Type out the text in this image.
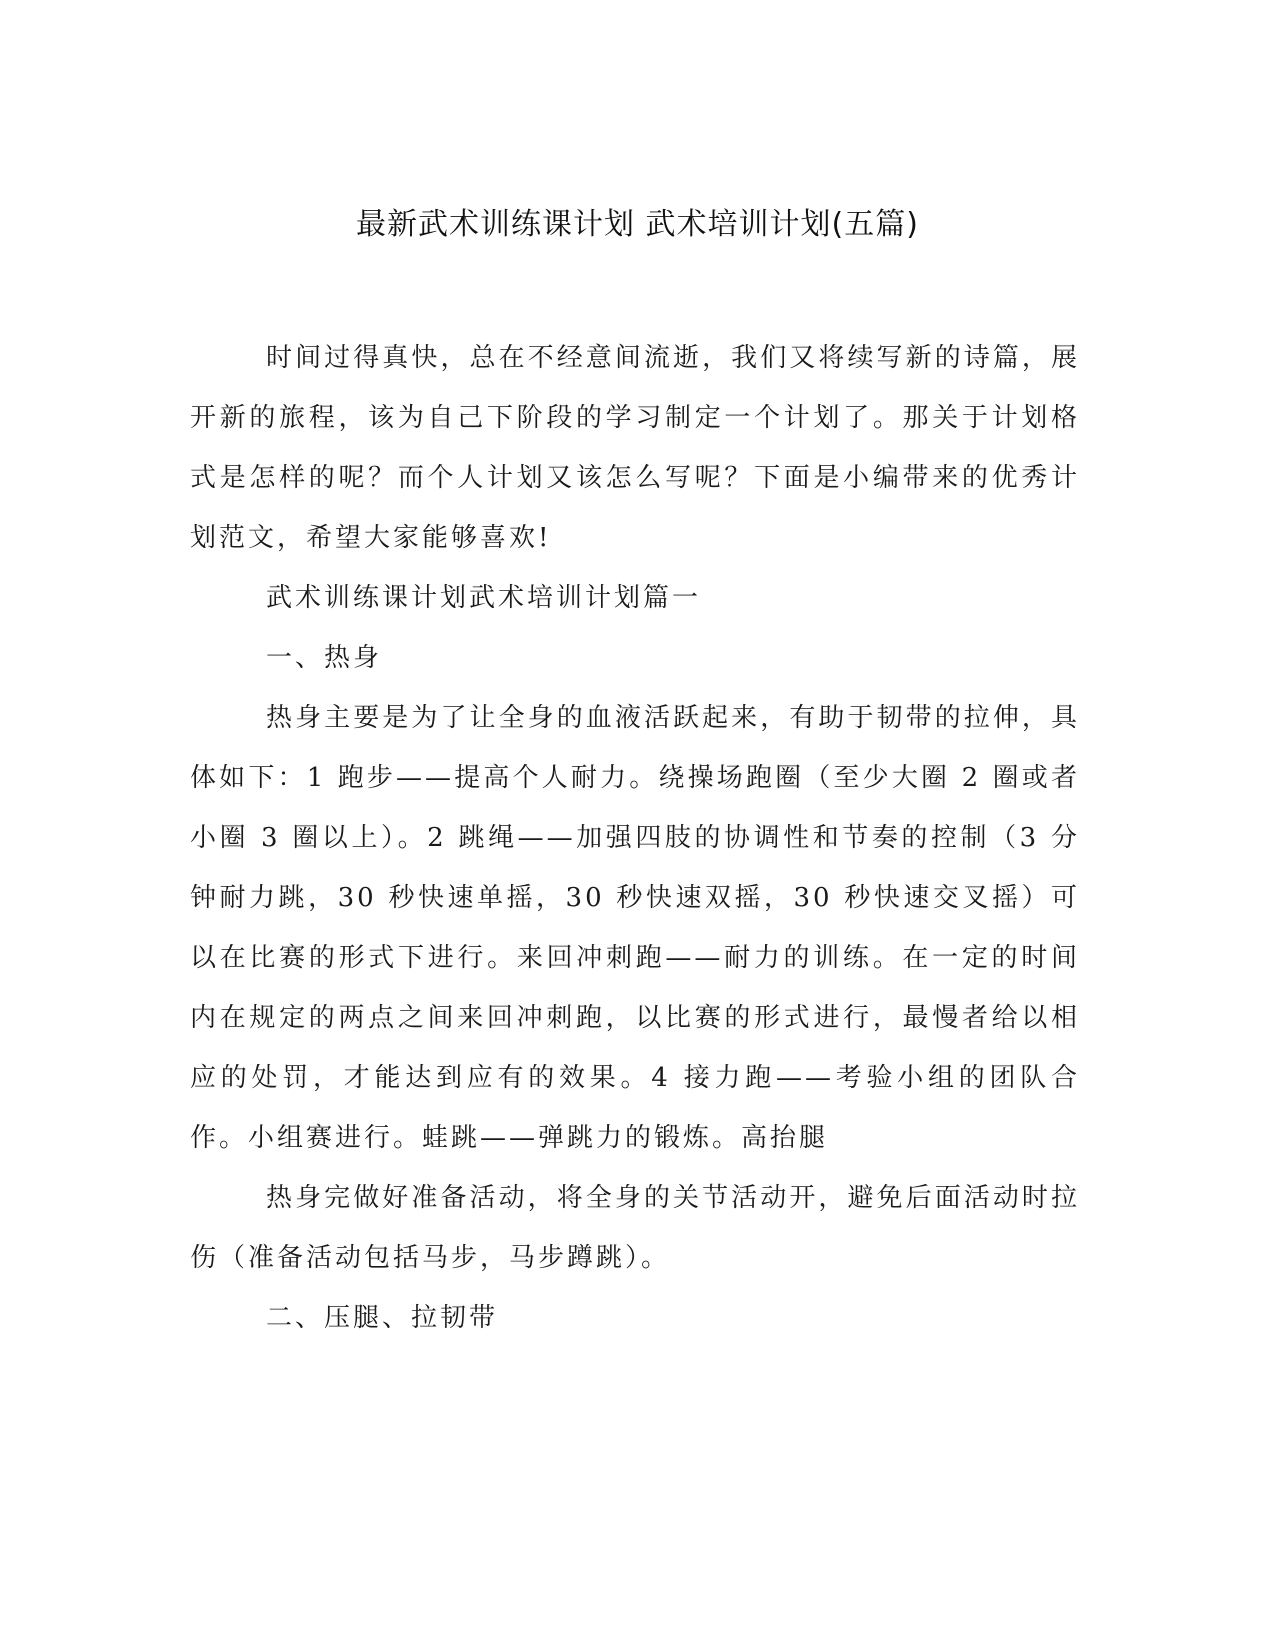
最新武术训练课计划 武术培训计划(五篇)

时间过得真快，总在不经意间流逝，我们又将续写新的诗篇，展开新的旅程，该为自己下阶段的学习制定一个计划了。那关于计划格式是怎样的呢？而个人计划又该怎么写呢？下面是小编带来的优秀计划范文，希望大家能够喜欢!

武术训练课计划武术培训计划篇一

一、热身

热身主要是为了让全身的血液活跃起来，有助于韧带的拉伸，具体如下：1 跑步——提高个人耐力。绕操场跑圈（至少大圈 2 圈或者小圈 3 圈以上）。2 跳绳——加强四肢的协调性和节奏的控制（3 分钟耐力跳，30 秒快速单摇，30 秒快速双摇，30 秒快速交叉摇）可以在比赛的形式下进行。来回冲刺跑——耐力的训练。在一定的时间内在规定的两点之间来回冲刺跑，以比赛的形式进行，最慢者给以相应的处罚，才能达到应有的效果。4 接力跑——考验小组的团队合作。小组赛进行。蛙跳——弹跳力的锻炼。高抬腿

热身完做好准备活动，将全身的关节活动开，避免后面活动时拉伤（准备活动包括马步，马步蹲跳）。

二、压腿、拉韧带
